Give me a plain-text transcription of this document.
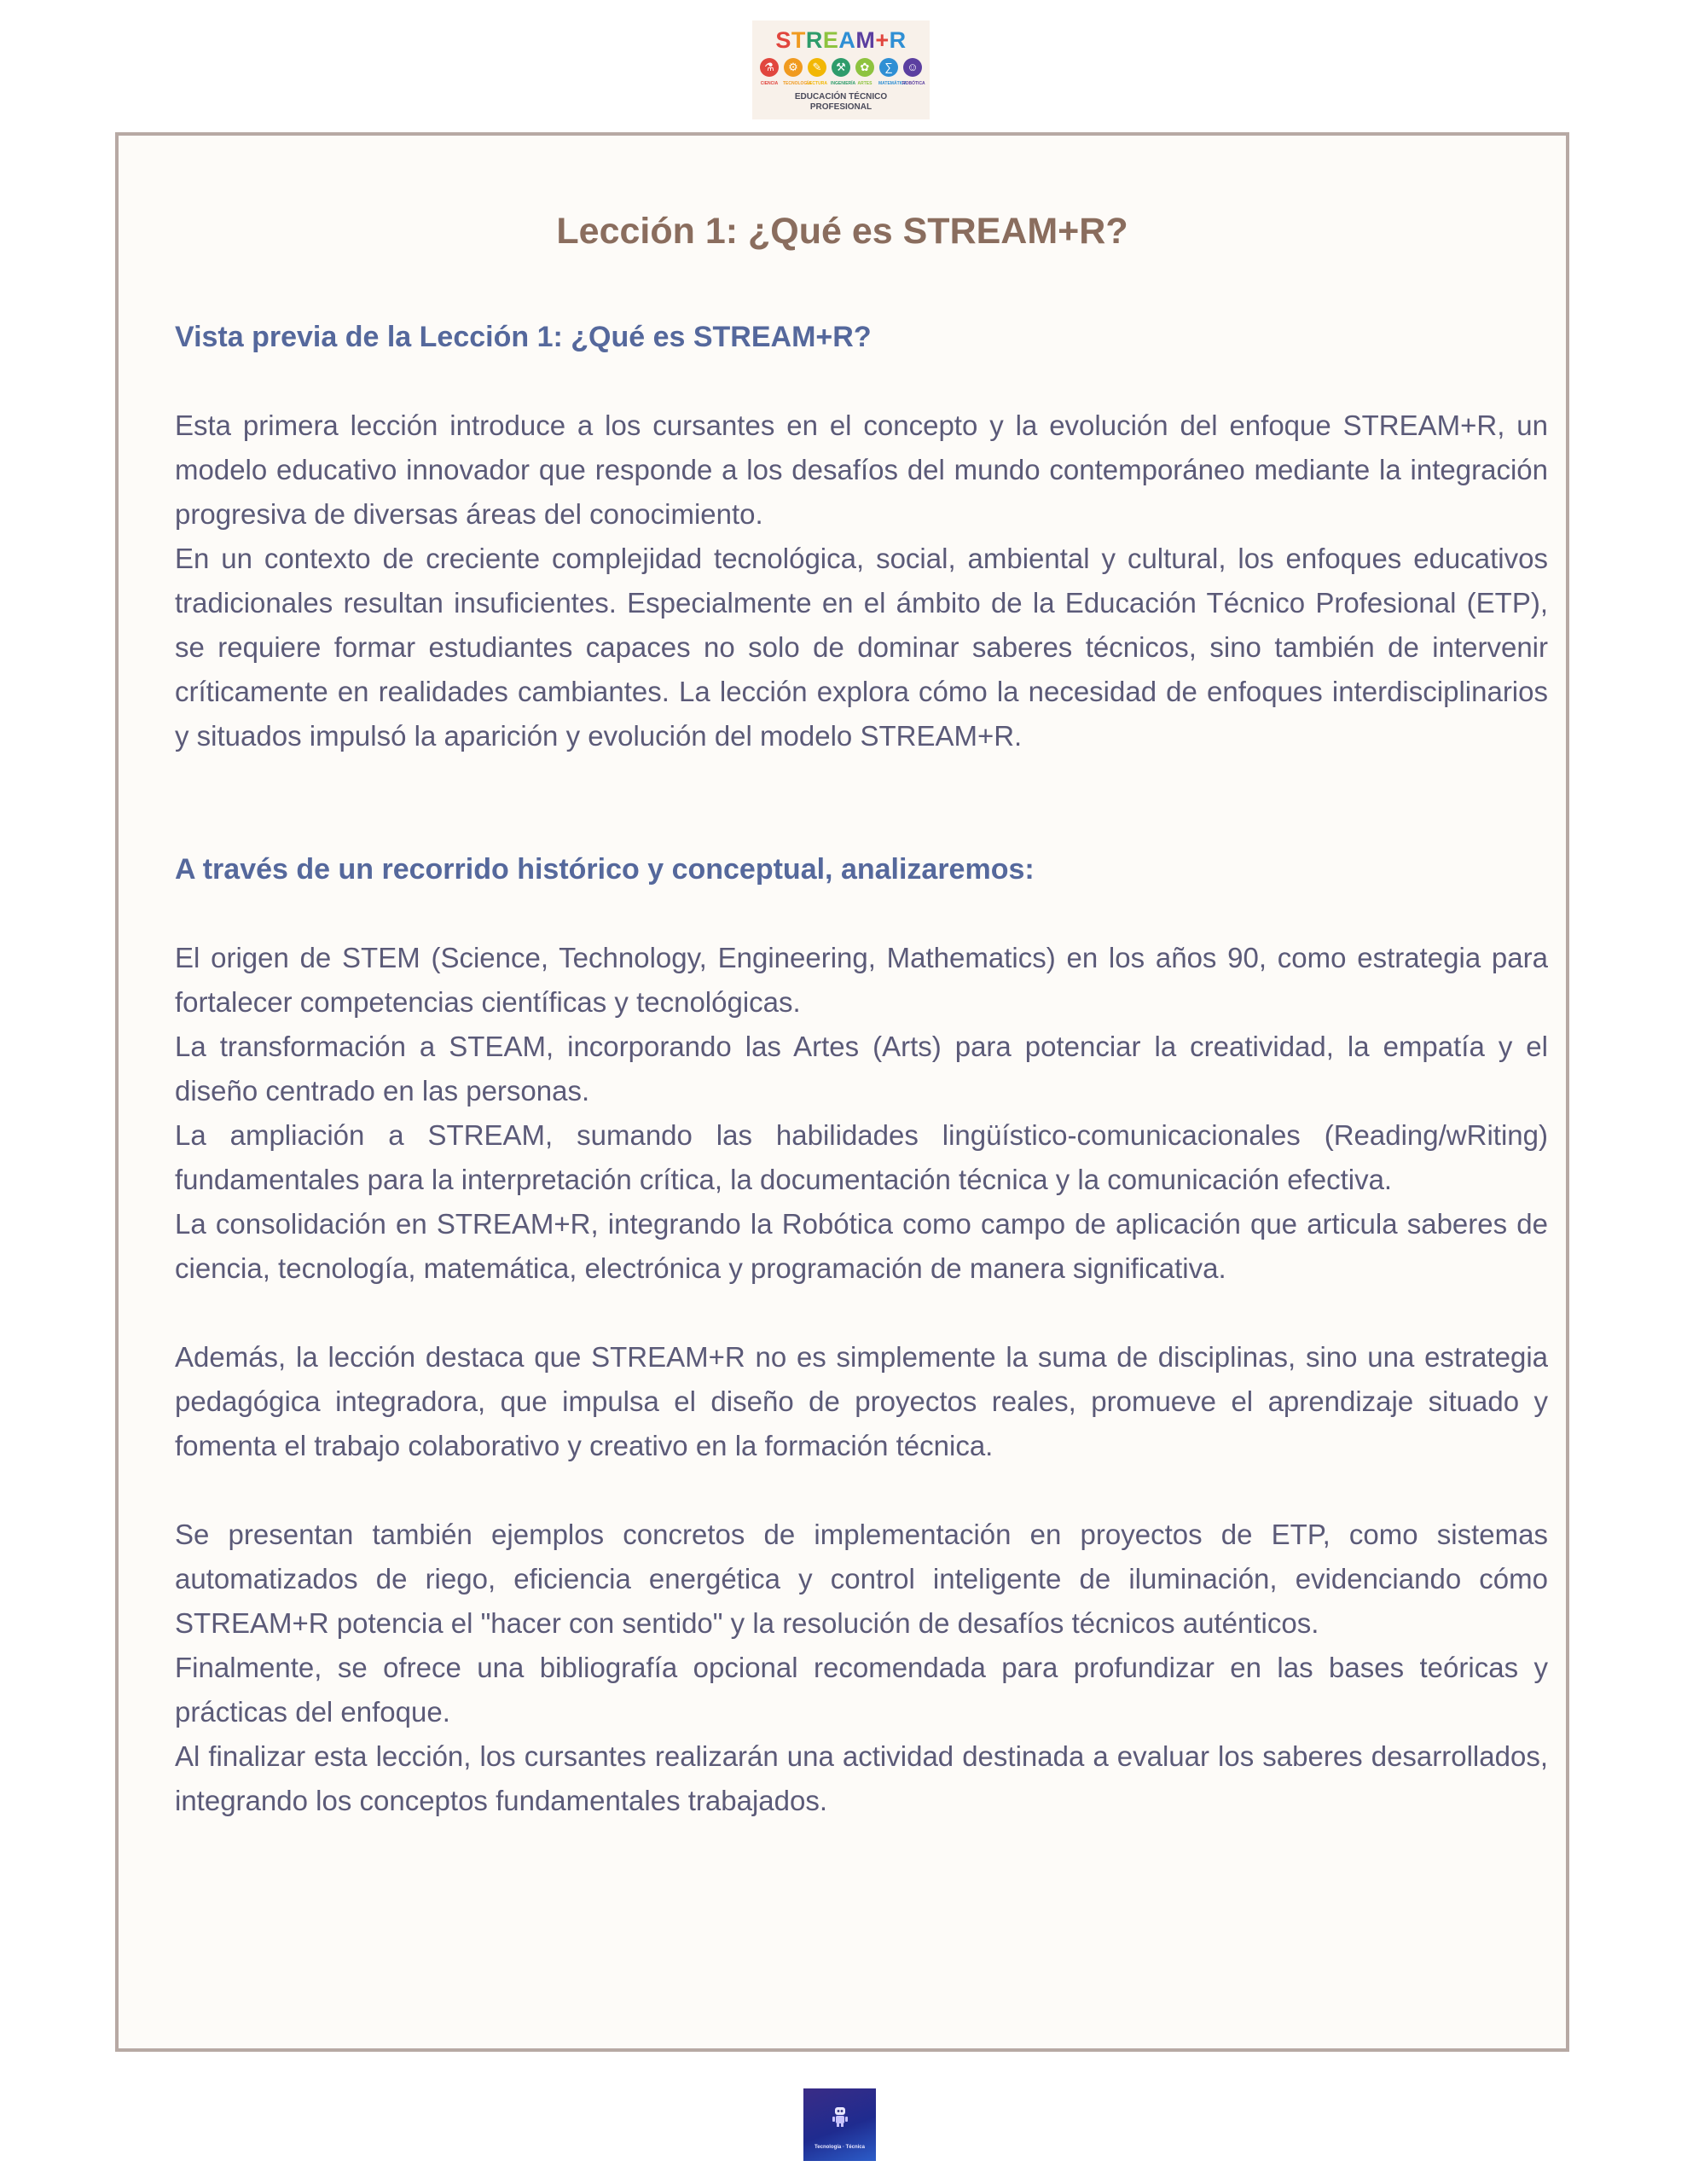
STREAM+R
⚗	⚙	✎	⚒	✿	∑	☺
CIENCIA	TECNOLOGÍA
LECTURA INGENIERÍA ARTES	MATEMÁTICA
ROBÓTICA
EDUCACIÓN TÉCNICO
PROFESIONAL
Lección 1: ¿Qué es STREAM+R?
Vista previa de la Lección 1: ¿Qué es STREAM+R?

Esta primera lección introduce a los cursantes en el concepto y la evolución del enfoque STREAM+R, un modelo educativo innovador que responde a los desafíos del mundo contemporáneo mediante la integración progresiva de diversas áreas del conocimiento.

En un contexto de creciente complejidad tecnológica, social, ambiental y cultural, los enfoques educativos tradicionales resultan insuficientes. Especialmente en el ámbito de la Educación Técnico Profesional (ETP), se requiere formar estudiantes capaces no solo de dominar saberes técnicos, sino también de intervenir críticamente en realidades cambiantes. La lección explora cómo la necesidad de enfoques interdisciplinarios y situados impulsó la aparición y evolución del modelo STREAM+R.

A través de un recorrido histórico y conceptual, analizaremos:

El origen de STEM (Science, Technology, Engineering, Mathematics) en los años 90, como estrategia para fortalecer competencias científicas y tecnológicas.

La transformación a STEAM, incorporando las Artes (Arts) para potenciar la creatividad, la empatía y el diseño centrado en las personas.

La ampliación a STREAM, sumando las habilidades lingüístico-comunicacionales (Reading/wRiting) fundamentales para la interpretación crítica, la documentación técnica y la comunicación efectiva.

La consolidación en STREAM+R, integrando la Robótica como campo de aplicación que articula saberes de ciencia, tecnología, matemática, electrónica y programación de manera significativa.

Además, la lección destaca que STREAM+R no es simplemente la suma de disciplinas, sino una estrategia pedagógica integradora, que impulsa el diseño de proyectos reales, promueve el aprendizaje situado y fomenta el trabajo colaborativo y creativo en la formación técnica.

Se presentan también ejemplos concretos de implementación en proyectos de ETP, como sistemas automatizados de riego, eficiencia energética y control inteligente de iluminación, evidenciando cómo STREAM+R potencia el "hacer con sentido" y la resolución de desafíos técnicos auténticos.

Finalmente, se ofrece una bibliografía opcional recomendada para profundizar en las bases teóricas y prácticas del enfoque.

Al finalizar esta lección, los cursantes realizarán una actividad destinada a evaluar los saberes desarrollados, integrando los conceptos fundamentales trabajados.

Tecnología · Técnica
